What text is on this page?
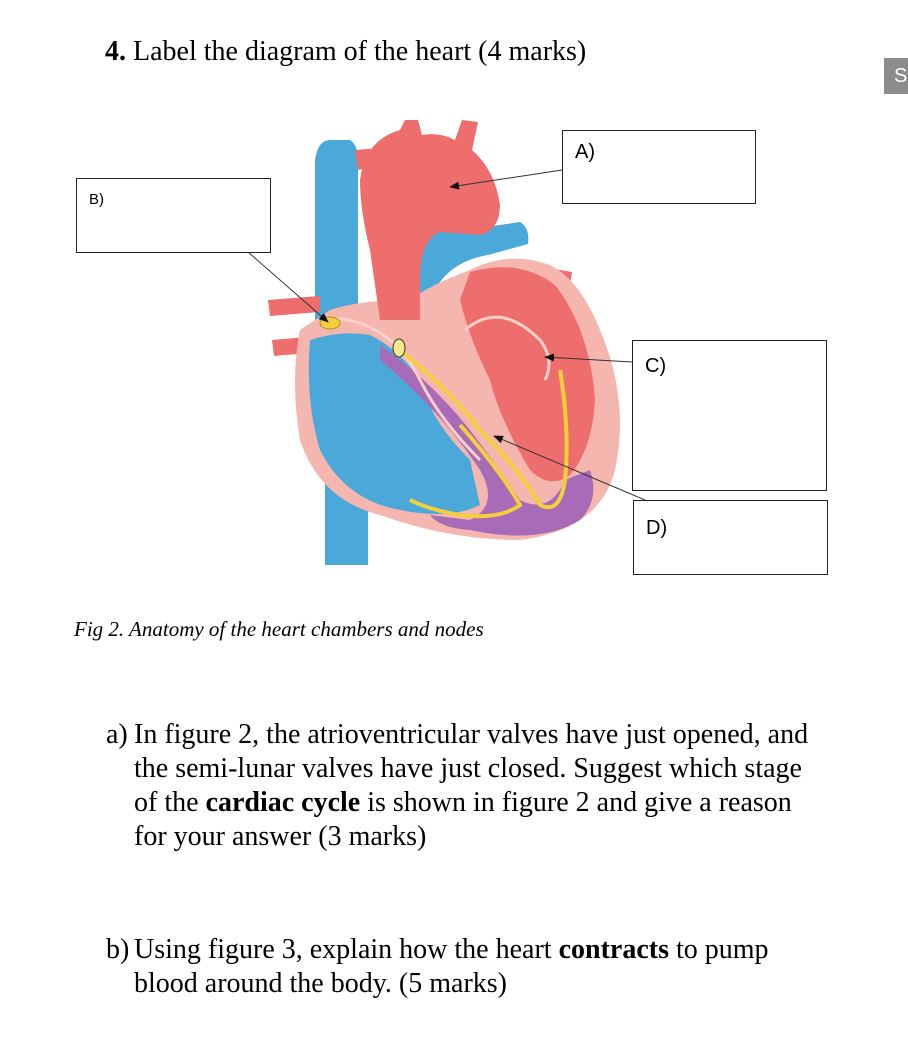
4. Label the diagram of the heart (4 marks)
S
A)
B)
C)
D)
Fig 2. Anatomy of the heart chambers and nodes
a) In figure 2, the atrioventricular valves have just opened, and the semi-lunar valves have just closed. Suggest which stage of the cardiac cycle is shown in figure 2 and give a reason for your answer (3 marks)
b) Using figure 3, explain how the heart contracts to pump blood around the body. (5 marks)
